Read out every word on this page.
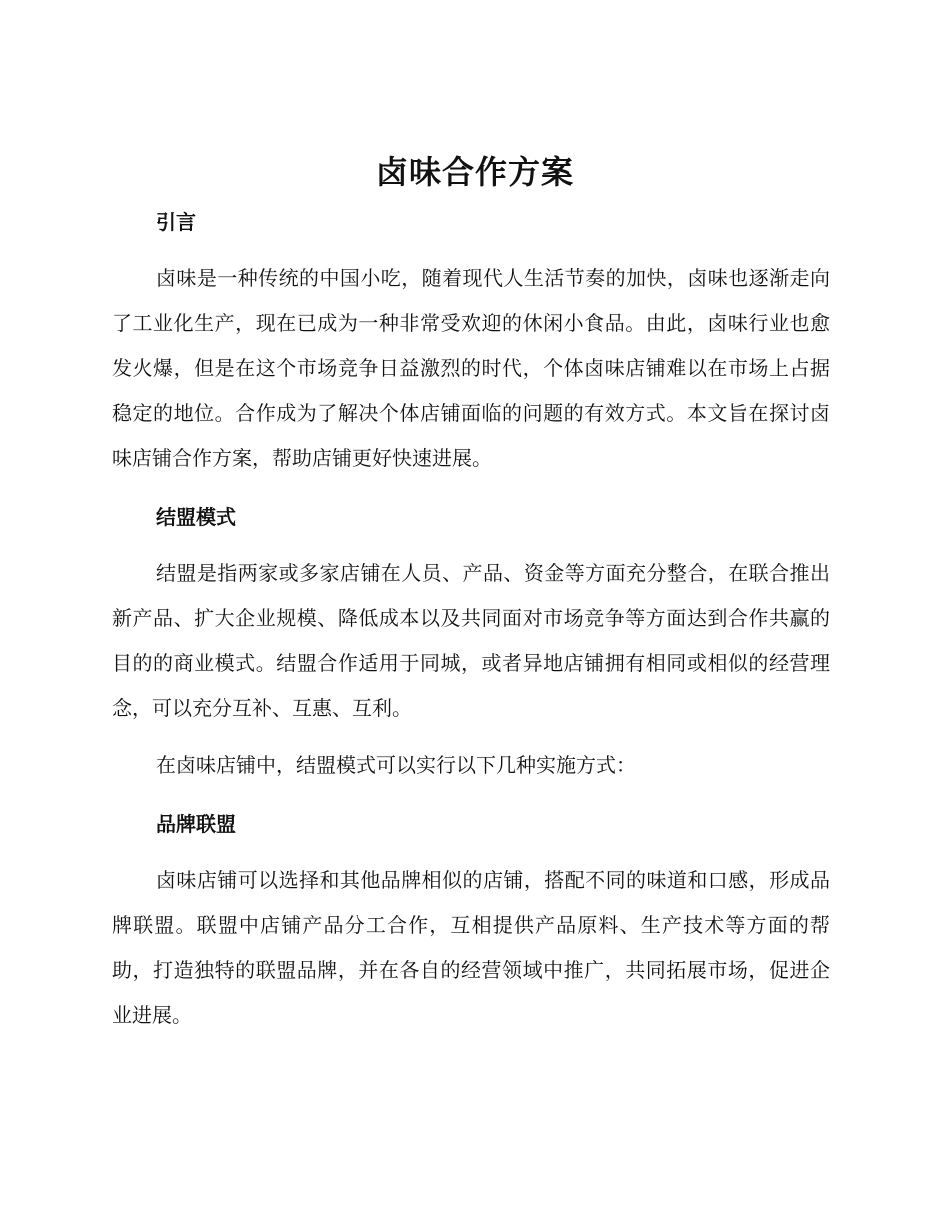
卤味合作方案
引言

卤味是一种传统的中国小吃，随着现代人生活节奏的加快，卤味也逐渐走向了工业化生产，现在已成为一种非常受欢迎的休闲小食品。由此，卤味行业也愈发火爆，但是在这个市场竞争日益激烈的时代，个体卤味店铺难以在市场上占据稳定的地位。合作成为了解决个体店铺面临的问题的有效方式。本文旨在探讨卤味店铺合作方案，帮助店铺更好快速进展。

结盟模式

结盟是指两家或多家店铺在人员、产品、资金等方面充分整合，在联合推出新产品、扩大企业规模、降低成本以及共同面对市场竞争等方面达到合作共赢的目的的商业模式。结盟合作适用于同城，或者异地店铺拥有相同或相似的经营理念，可以充分互补、互惠、互利。

在卤味店铺中，结盟模式可以实行以下几种实施方式：

品牌联盟

卤味店铺可以选择和其他品牌相似的店铺，搭配不同的味道和口感，形成品牌联盟。联盟中店铺产品分工合作，互相提供产品原料、生产技术等方面的帮助，打造独特的联盟品牌，并在各自的经营领域中推广，共同拓展市场，促进企业进展。
